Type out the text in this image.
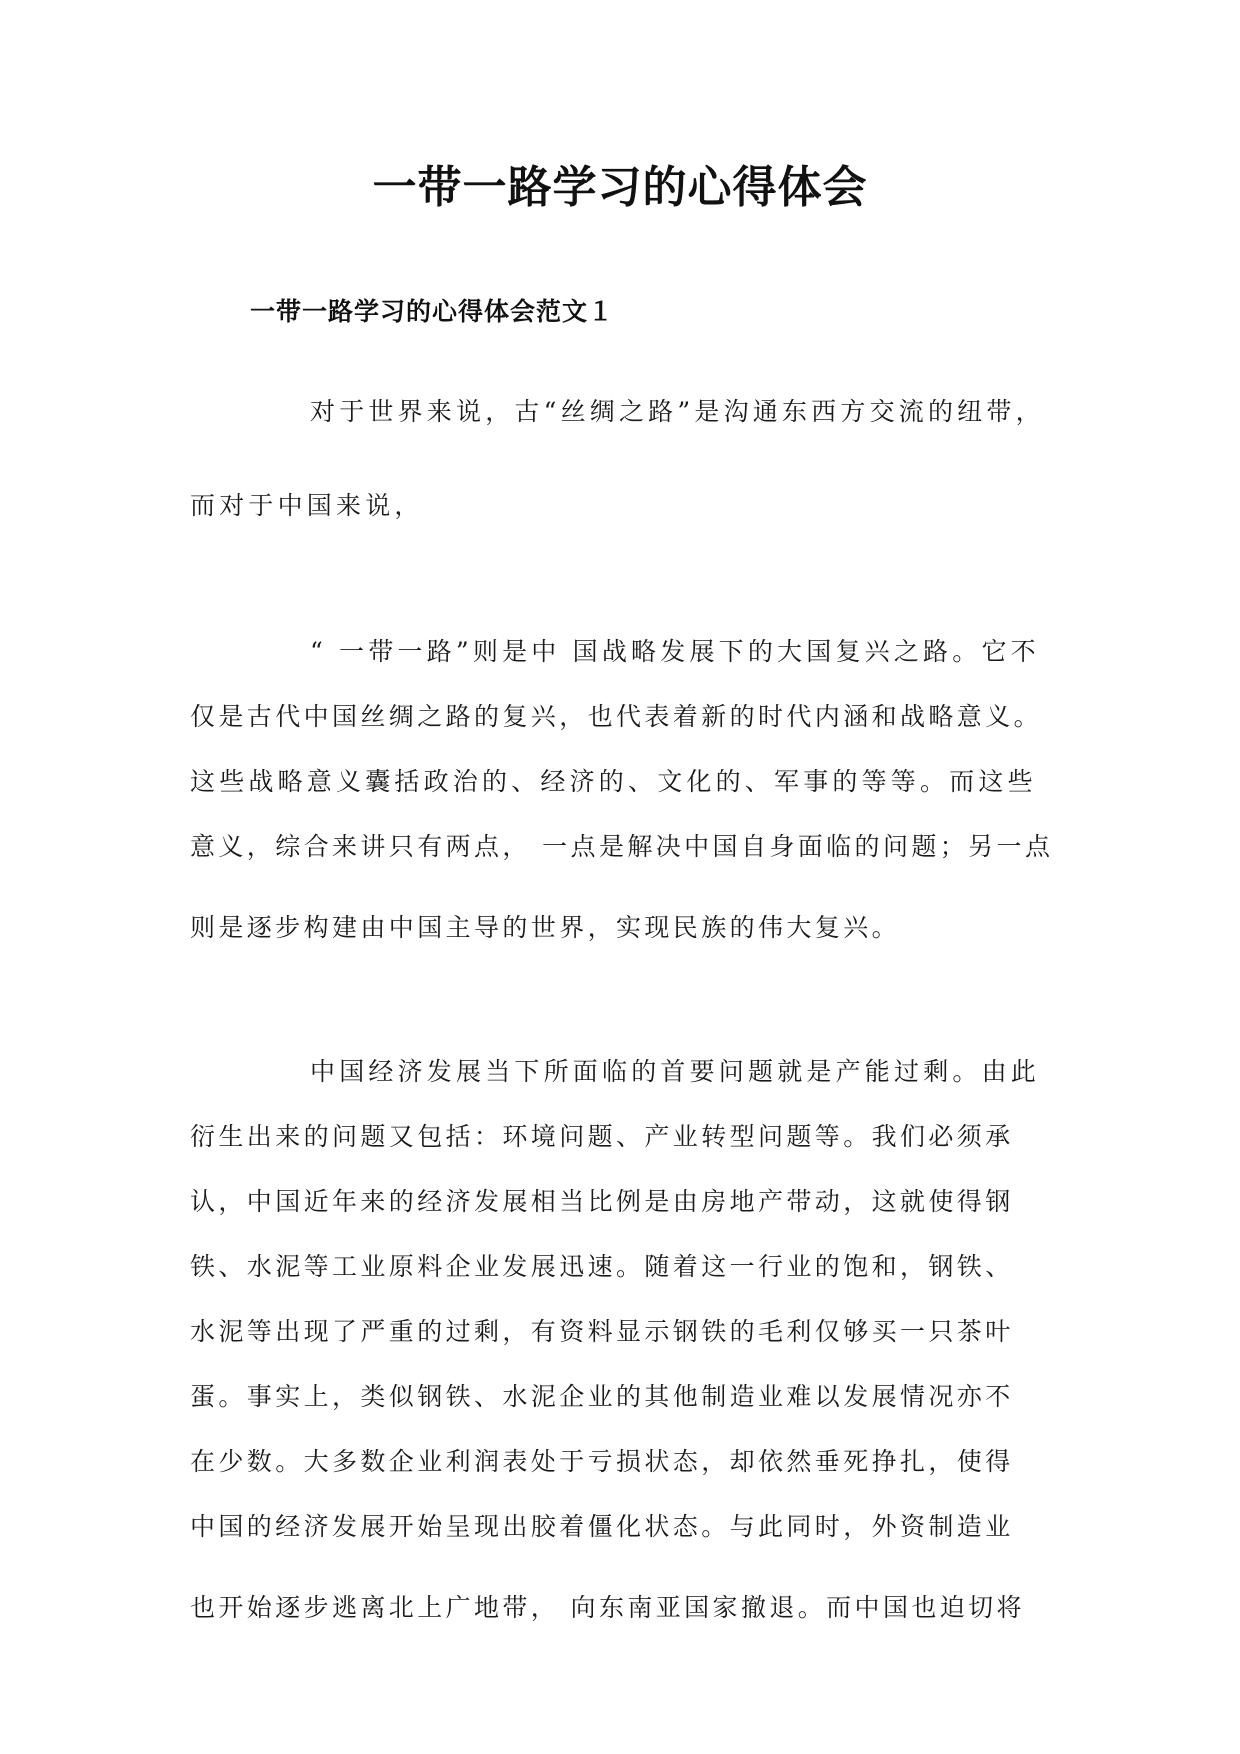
一带一路学习的心得体会
一带一路学习的心得体会范文１
对于世界来说，古“丝绸之路”是沟通东西方交流的纽带，
而对于中国来说，
“ 一带一路”则是中 国战略发展下的大国复兴之路。它不
仅是古代中国丝绸之路的复兴，也代表着新的时代内涵和战略意义。
这些战略意义囊括政治的、经济的、文化的、军事的等等。而这些
意义，综合来讲只有两点， 一点是解决中国自身面临的问题；另一点
则是逐步构建由中国主导的世界，实现民族的伟大复兴。
中国经济发展当下所面临的首要问题就是产能过剩。由此
衍生出来的问题又包括：环境问题、产业转型问题等。我们必须承
认，中国近年来的经济发展相当比例是由房地产带动，这就使得钢
铁、水泥等工业原料企业发展迅速。随着这一行业的饱和，钢铁、
水泥等出现了严重的过剩，有资料显示钢铁的毛利仅够买一只茶叶
蛋。事实上，类似钢铁、水泥企业的其他制造业难以发展情况亦不
在少数。大多数企业利润表处于亏损状态，却依然垂死挣扎，使得
中国的经济发展开始呈现出胶着僵化状态。与此同时，外资制造业
也开始逐步逃离北上广地带， 向东南亚国家撤退。而中国也迫切将
